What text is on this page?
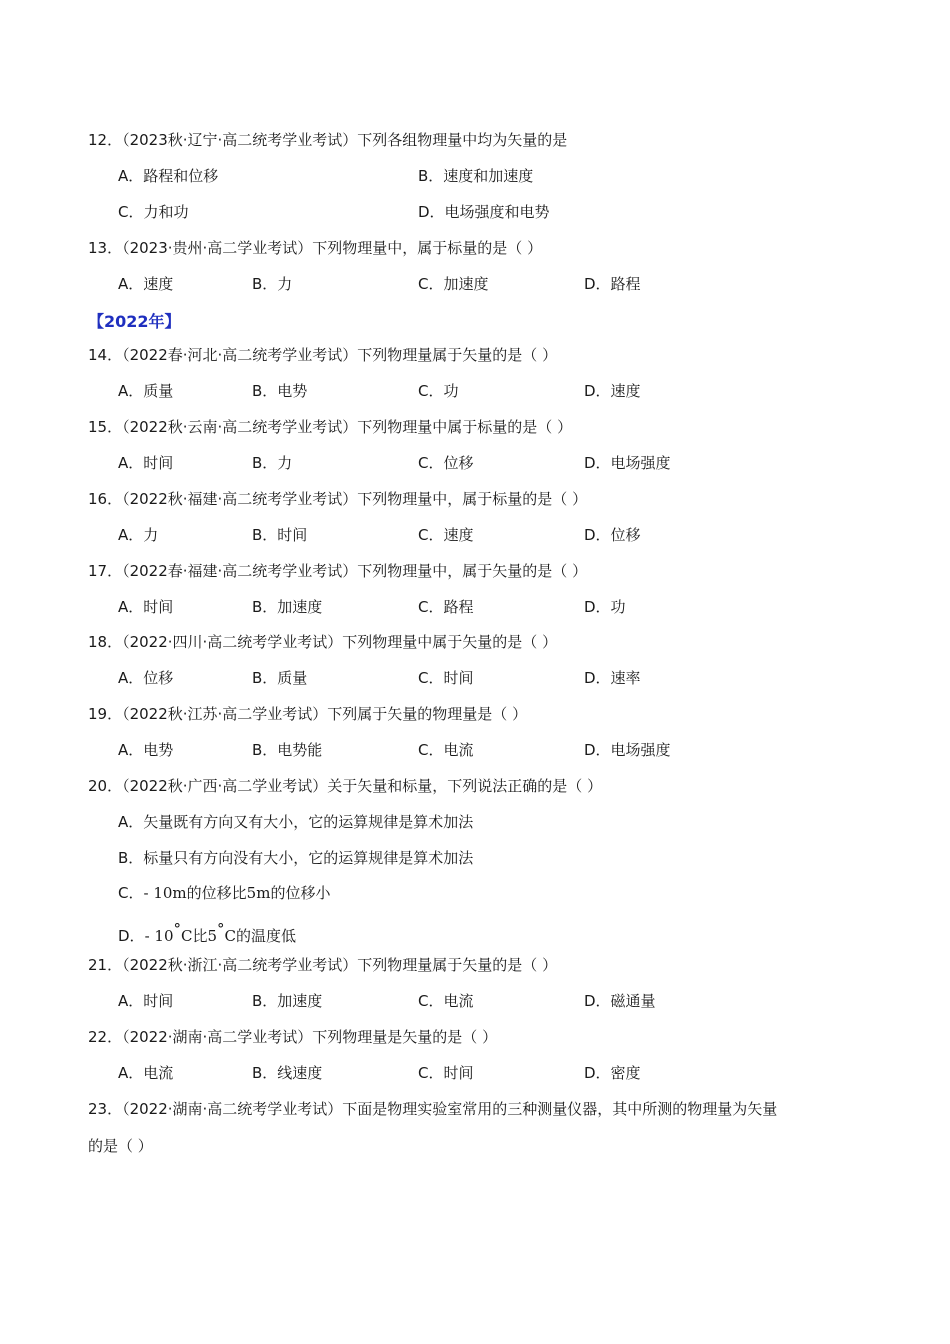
12．（2023秋·辽宁·高二统考学业考试）下列各组物理量中均为矢量的是
A．路程和位移	B．速度和加速度
C．力和功	D．电场强度和电势
13．（2023·贵州·高二学业考试）下列物理量中，属于标量的是（ ）
A．速度	B．力	C．加速度	D．路程
【2022年】
14．（2022春·河北·高二统考学业考试）下列物理量属于矢量的是（ ）
A．质量	B．电势	C．功	D．速度
15．（2022秋·云南·高二统考学业考试）下列物理量中属于标量的是（ ）
A．时间	B．力	C．位移	D．电场强度
16．（2022秋·福建·高二统考学业考试）下列物理量中，属于标量的是（ ）
A．力	B．时间	C．速度	D．位移
17．（2022春·福建·高二统考学业考试）下列物理量中，属于矢量的是（ ）
A．时间	B．加速度	C．路程	D．功
18．（2022·四川·高二统考学业考试）下列物理量中属于矢量的是（ ）
A．位移	B．质量	C．时间	D．速率
19．（2022秋·江苏·高二学业考试）下列属于矢量的物理量是（ ）
A．电势	B．电势能	C．电流	D．电场强度
20．（2022秋·广西·高二学业考试）关于矢量和标量，下列说法正确的是（ ）
A．矢量既有方向又有大小，它的运算规律是算术加法
B．标量只有方向没有大小，它的运算规律是算术加法
C．- 10m的位移比5m的位移小
D．- 10°C比5°C的温度低
21．（2022秋·浙江·高二统考学业考试）下列物理量属于矢量的是（ ）
A．时间	B．加速度	C．电流	D．磁通量
22．（2022·湖南·高二学业考试）下列物理量是矢量的是（ ）
A．电流	B．线速度	C．时间	D．密度
23．（2022·湖南·高二统考学业考试）下面是物理实验室常用的三种测量仪器，其中所测的物理量为矢量
的是（ ）
